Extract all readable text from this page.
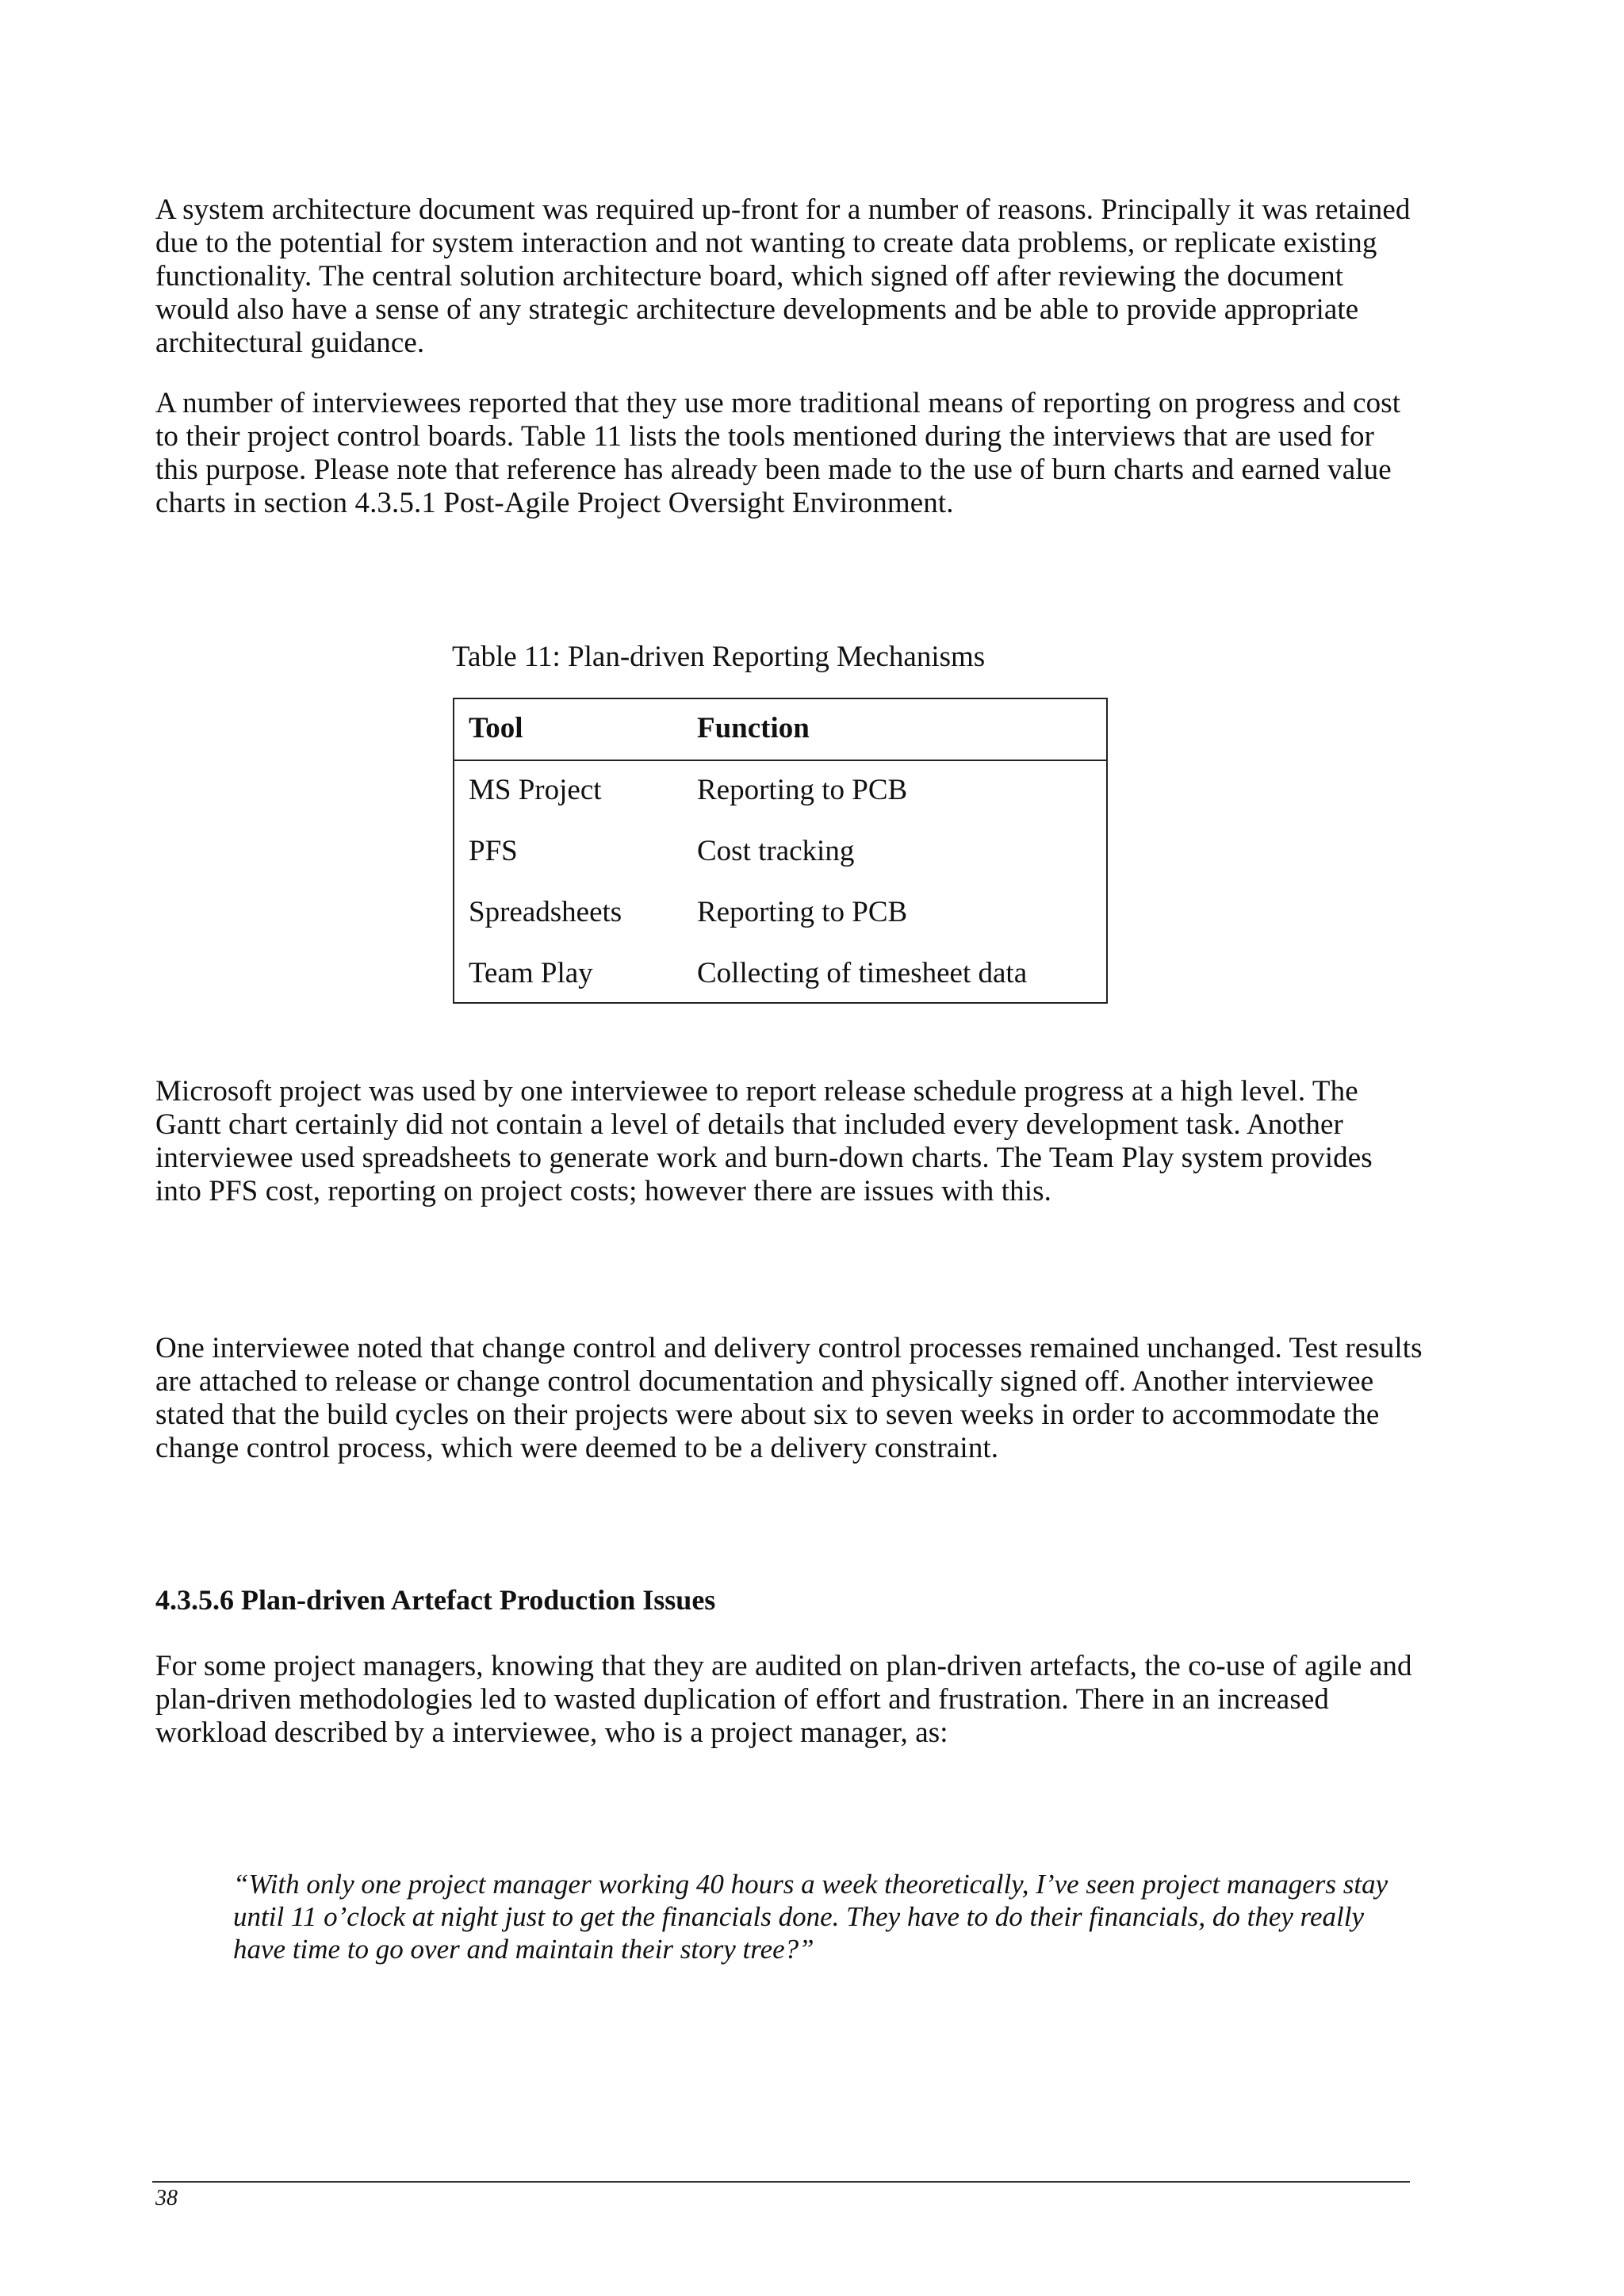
A system architecture document was required up-front for a number of reasons. Principally it was retained due to the potential for system interaction and not wanting to create data problems, or replicate existing functionality. The central solution architecture board, which signed off after reviewing the document would also have a sense of any strategic architecture developments and be able to provide appropriate architectural guidance.

A number of interviewees reported that they use more traditional means of reporting on progress and cost to their project control boards. Table 11 lists the tools mentioned during the interviews that are used for this purpose. Please note that reference has already been made to the use of burn charts and earned value charts in section 4.3.5.1 Post-Agile Project Oversight Environment.

Table 11: Plan-driven Reporting Mechanisms
Tool	Function
MS Project	Reporting to PCB
PFS	Cost tracking
Spreadsheets	Reporting to PCB
Team Play	Collecting of timesheet data

Microsoft project was used by one interviewee to report release schedule progress at a high level. The Gantt chart certainly did not contain a level of details that included every development task. Another interviewee used spreadsheets to generate work and burn-down charts. The Team Play system provides into PFS cost, reporting on project costs; however there are issues with this.

One interviewee noted that change control and delivery control processes remained unchanged. Test results are attached to release or change control documentation and physically signed off. Another interviewee stated that the build cycles on their projects were about six to seven weeks in order to accommodate the change control process, which were deemed to be a delivery constraint.

4.3.5.6 Plan-driven Artefact Production Issues

For some project managers, knowing that they are audited on plan-driven artefacts, the co-use of agile and plan-driven methodologies led to wasted duplication of effort and frustration. There in an increased workload described by a interviewee, who is a project manager, as:

“With only one project manager working 40 hours a week theoretically, I’ve seen project managers stay until 11 o’clock at night just to get the financials done. They have to do their financials, do they really have time to go over and maintain their story tree?”

38
